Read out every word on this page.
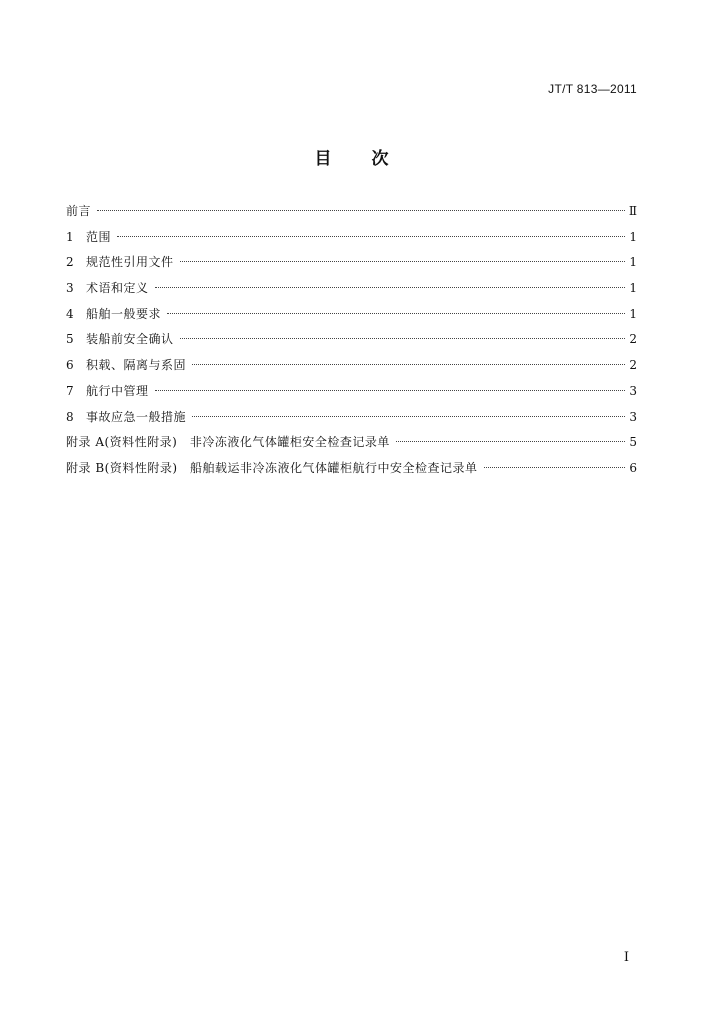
JT/T 813—2011
目次
前言	Ⅱ
1	范围	1
2	规范性引用文件	1
3	术语和定义	1
4	船舶一般要求	1
5	装船前安全确认	2
6	积载、隔离与系固	2
7	航行中管理	3
8	事故应急一般措施	3
附录 A(资料性附录)　非冷冻液化气体罐柜安全检查记录单	5
附录 B(资料性附录)　船舶载运非冷冻液化气体罐柜航行中安全检查记录单	6
I
